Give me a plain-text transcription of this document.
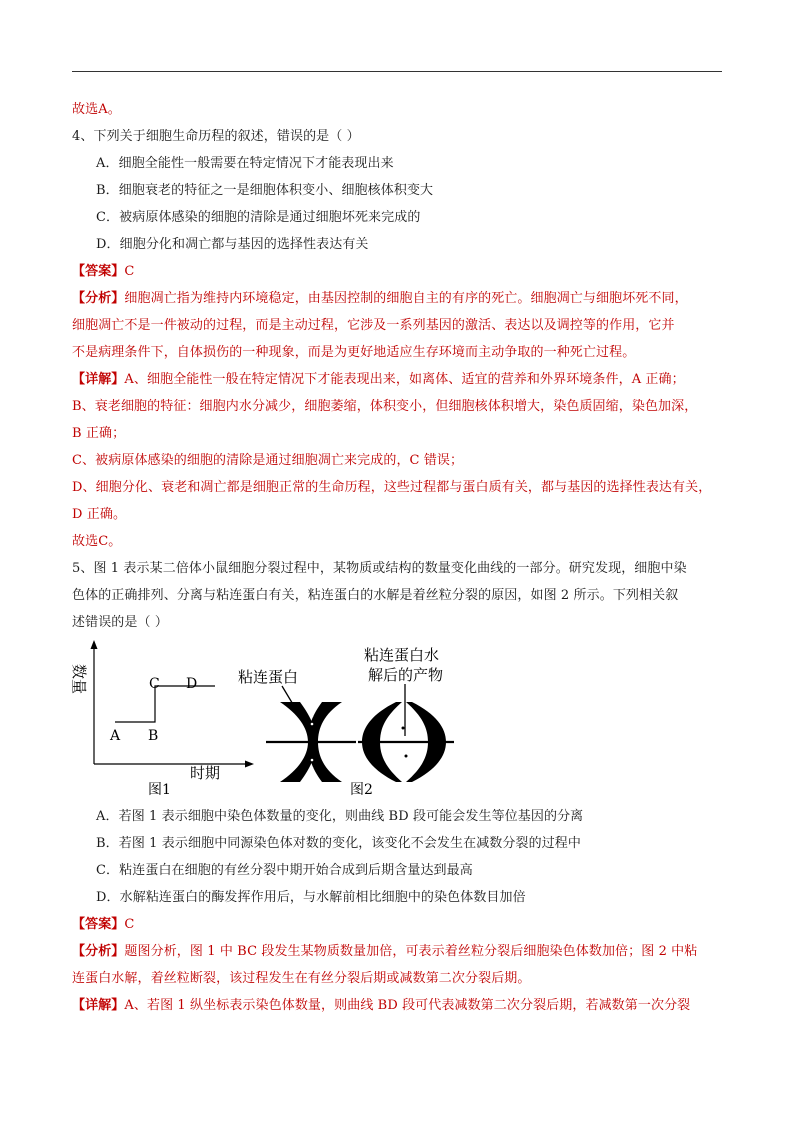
故选A。
4、下列关于细胞生命历程的叙述，错误的是（ ）
A．细胞全能性一般需要在特定情况下才能表现出来
B．细胞衰老的特征之一是细胞体积变小、细胞核体积变大
C．被病原体感染的细胞的清除是通过细胞坏死来完成的
D．细胞分化和凋亡都与基因的选择性表达有关
【答案】C
【分析】细胞凋亡指为维持内环境稳定，由基因控制的细胞自主的有序的死亡。细胞凋亡与细胞坏死不同，
细胞凋亡不是一件被动的过程，而是主动过程，它涉及一系列基因的激活、表达以及调控等的作用，它并
不是病理条件下，自体损伤的一种现象，而是为更好地适应生存环境而主动争取的一种死亡过程。
【详解】A、细胞全能性一般在特定情况下才能表现出来，如离体、适宜的营养和外界环境条件，A 正确；
B、衰老细胞的特征：细胞内水分减少，细胞萎缩，体积变小，但细胞核体积增大，染色质固缩，染色加深，
B 正确；
C、被病原体感染的细胞的清除是通过细胞凋亡来完成的，C 错误；
D、细胞分化、衰老和凋亡都是细胞正常的生命历程，这些过程都与蛋白质有关，都与基因的选择性表达有关，
D 正确。
故选C。
5、图 1 表示某二倍体小鼠细胞分裂过程中，某物质或结构的数量变化曲线的一部分。研究发现，细胞中染
色体的正确排列、分离与粘连蛋白有关，粘连蛋白的水解是着丝粒分裂的原因，如图 2 所示。下列相关叙
述错误的是（ ）
数量
A B
C D
时期
图1
粘连蛋白
粘连蛋白水
解后的产物
图2
A．若图 1 表示细胞中染色体数量的变化，则曲线 BD 段可能会发生等位基因的分离
B．若图 1 表示细胞中同源染色体对数的变化，该变化不会发生在减数分裂的过程中
C．粘连蛋白在细胞的有丝分裂中期开始合成到后期含量达到最高
D．水解粘连蛋白的酶发挥作用后，与水解前相比细胞中的染色体数目加倍
【答案】C
【分析】题图分析，图 1 中 BC 段发生某物质数量加倍，可表示着丝粒分裂后细胞染色体数加倍；图 2 中粘
连蛋白水解，着丝粒断裂，该过程发生在有丝分裂后期或减数第二次分裂后期。
【详解】A、若图 1 纵坐标表示染色体数量，则曲线 BD 段可代表减数第二次分裂后期，若减数第一次分裂
